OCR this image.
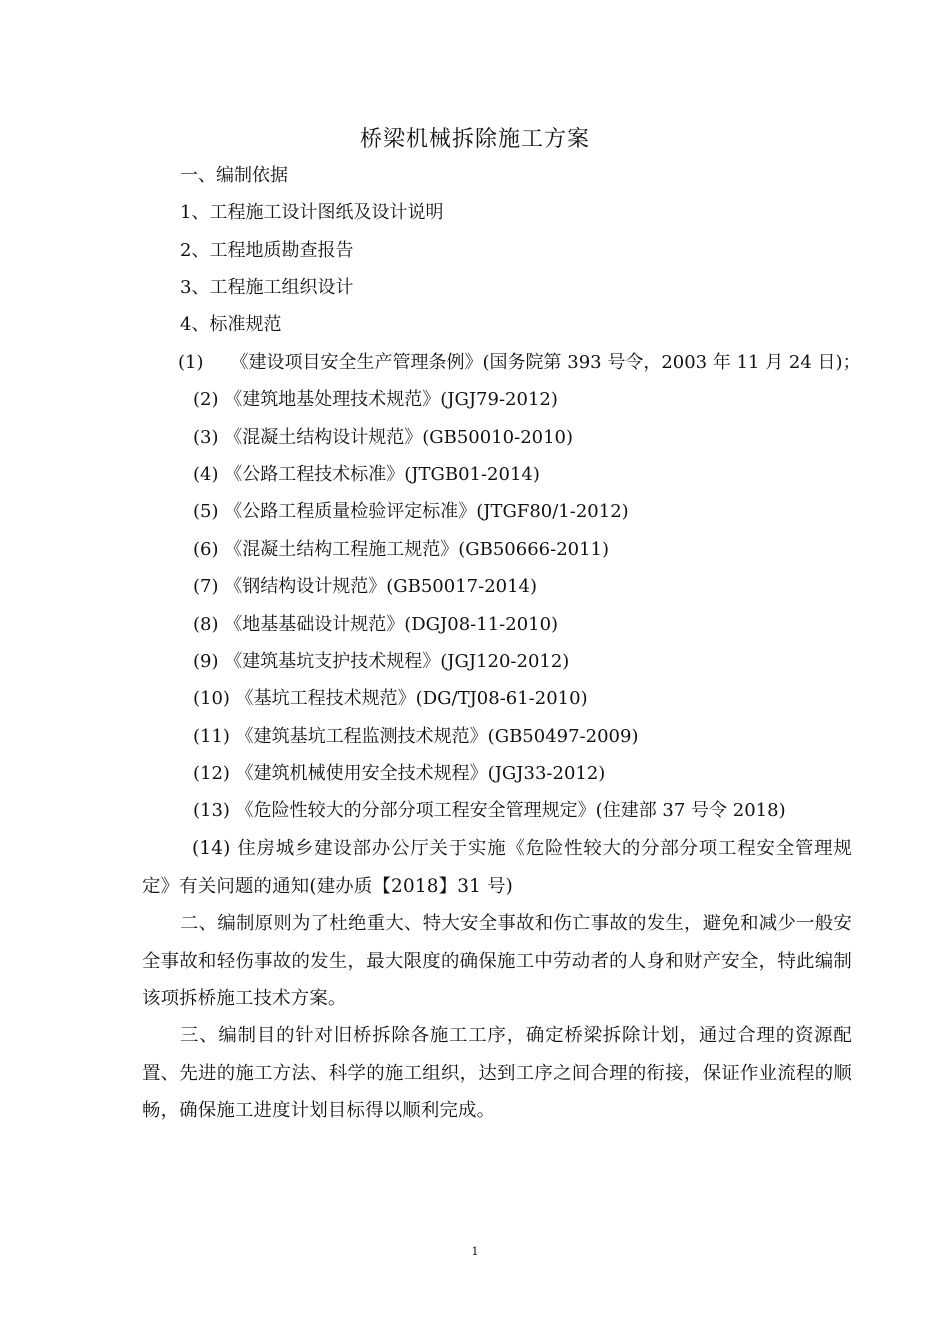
桥梁机械拆除施工方案
一、编制依据
1、工程施工设计图纸及设计说明
2、工程地质勘查报告
3、工程施工组织设计
4、标准规范
(1)　　《建设项目安全生产管理条例》(国务院第 393 号令，2003 年 11 月 24 日)；
(2) 《建筑地基处理技术规范》(JGJ79-2012)
(3) 《混凝土结构设计规范》(GB50010-2010)
(4) 《公路工程技术标准》(JTGB01-2014)
(5) 《公路工程质量检验评定标准》(JTGF80/1-2012)
(6) 《混凝土结构工程施工规范》(GB50666-2011)
(7) 《钢结构设计规范》(GB50017-2014)
(8) 《地基基础设计规范》(DGJ08-11-2010)
(9) 《建筑基坑支护技术规程》(JGJ120-2012)
(10) 《基坑工程技术规范》(DG/TJ08-61-2010)
(11) 《建筑基坑工程监测技术规范》(GB50497-2009)
(12) 《建筑机械使用安全技术规程》(JGJ33-2012)
(13) 《危险性较大的分部分项工程安全管理规定》(住建部 37 号令 2018)
(14) 住房城乡建设部办公厅关于实施《危险性较大的分部分项工程安全管理规定》有关问题的通知(建办质【2018】31 号)
二、编制原则为了杜绝重大、特大安全事故和伤亡事故的发生，避免和减少一般安全事故和轻伤事故的发生，最大限度的确保施工中劳动者的人身和财产安全，特此编制该项拆桥施工技术方案。
三、编制目的针对旧桥拆除各施工工序，确定桥梁拆除计划，通过合理的资源配置、先进的施工方法、科学的施工组织，达到工序之间合理的衔接，保证作业流程的顺畅，确保施工进度计划目标得以顺利完成。
1
